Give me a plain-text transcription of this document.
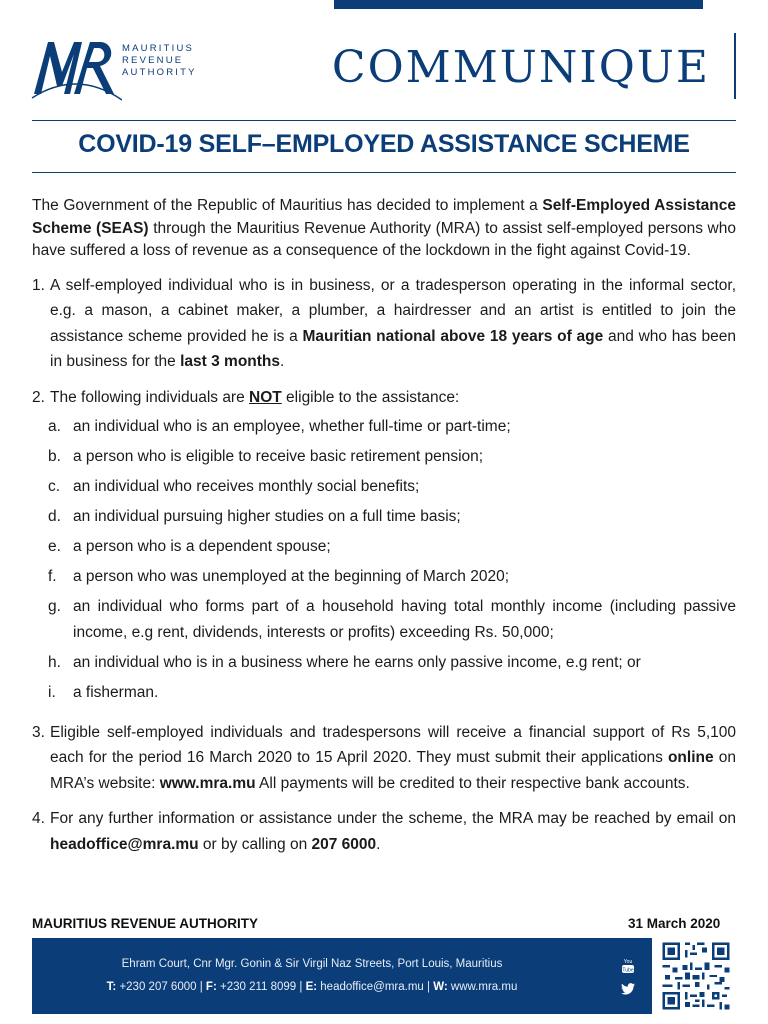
MAURITIUS
REVENUE
AUTHORITY	COMMUNIQUE
COVID-19 SELF–EMPLOYED ASSISTANCE SCHEME

The Government of the Republic of Mauritius has decided to implement a Self-Employed Assistance Scheme (SEAS) through the Mauritius Revenue Authority (MRA) to assist self-employed persons who have suffered a loss of revenue as a consequence of the lockdown in the fight against Covid-19.

1. A self-employed individual who is in business, or a tradesperson operating in the informal sector, e.g. a mason, a cabinet maker, a plumber, a hairdresser and an artist is entitled to join the assistance scheme provided he is a Mauritian national above 18 years of age and who has been in business for the last 3 months.
2. The following individuals are NOT eligible to the assistance:
a. an individual who is an employee, whether full-time or part-time;
b. a person who is eligible to receive basic retirement pension;
c. an individual who receives monthly social benefits;
d. an individual pursuing higher studies on a full time basis;
e. a person who is a dependent spouse;
f.	a person who was unemployed at the beginning of March 2020;
g. an individual who forms part of a household having total monthly income (including passive income, e.g rent, dividends, interests or profits) exceeding Rs. 50,000;
h. an individual who is in a business where he earns only passive income, e.g rent; or
i.	a fisherman.
3. Eligible self-employed individuals and tradespersons will receive a financial support of Rs 5,100 each for the period 16 March 2020 to 15 April 2020. They must submit their applications online on MRA’s website: www.mra.mu All payments will be credited to their respective bank accounts.
4. For any further information or assistance under the scheme, the MRA may be reached by email on headoffice@mra.mu or by calling on 207 6000.
MAURITIUS REVENUE AUTHORITY	31 March 2020
Ehram Court, Cnr Mgr. Gonin & Sir Virgil Naz Streets, Port Louis, Mauritius
T: +230 207 6000 | F: +230 211 8099 | E: headoffice@mra.mu | W: www.mra.mu
You
Tube
